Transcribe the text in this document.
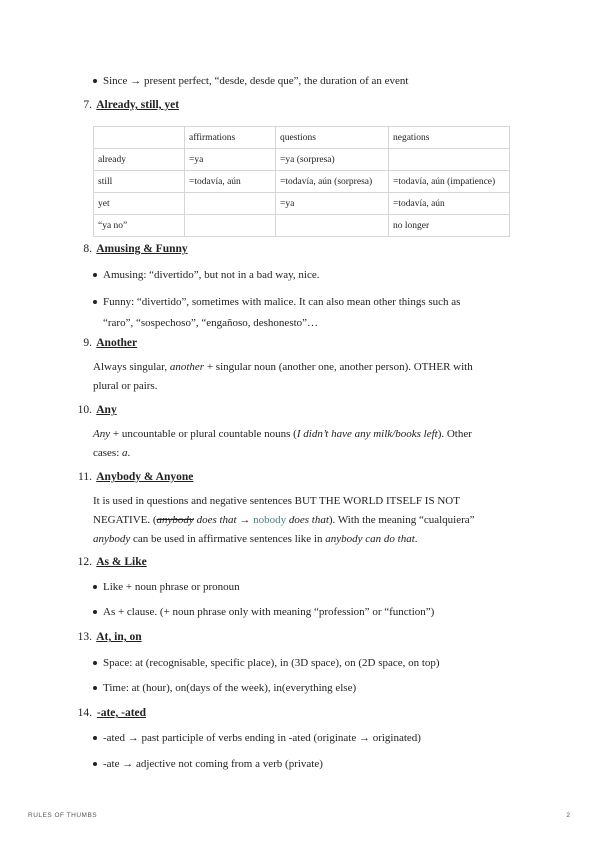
Since → present perfect, “desde, desde que”, the duration of an event
7. Already, still, yet
	affirmations	questions	negations
already	=ya	=ya (sorpresa)	
still	=todavía, aún	=todavía, aún (sorpresa)	=todavía, aún (impatience)
yet		=ya	=todavía, aún
“ya no”			no longer
8. Amusing & Funny
Amusing: “divertido”, but not in a bad way, nice.
Funny: “divertido”, sometimes with malice. It can also mean other things such as
“raro”, “sospechoso”, “engañoso, deshonesto”…
9. Another
Always singular, another + singular noun (another one, another person). OTHER with
plural or pairs.
10. Any
Any + uncountable or plural countable nouns (I didn’t have any milk/books left). Other
cases: a.
11. Anybody & Anyone
It is used in questions and negative sentences BUT THE WORLD ITSELF IS NOT
NEGATIVE. (anybody does that → nobody does that). With the meaning “cualquiera”
anybody can be used in affirmative sentences like in anybody can do that.
12. As & Like
Like + noun phrase or pronoun
As + clause. (+ noun phrase only with meaning “profession” or “function”)
13. At, in, on
Space: at (recognisable, specific place), in (3D space), on (2D space, on top)
Time: at (hour), on(days of the week), in(everything else)
14. -ate, -ated
-ated → past participle of verbs ending in -ated (originate → originated)
-ate → adjective not coming from a verb (private)
RULES OF THUMBS	2
